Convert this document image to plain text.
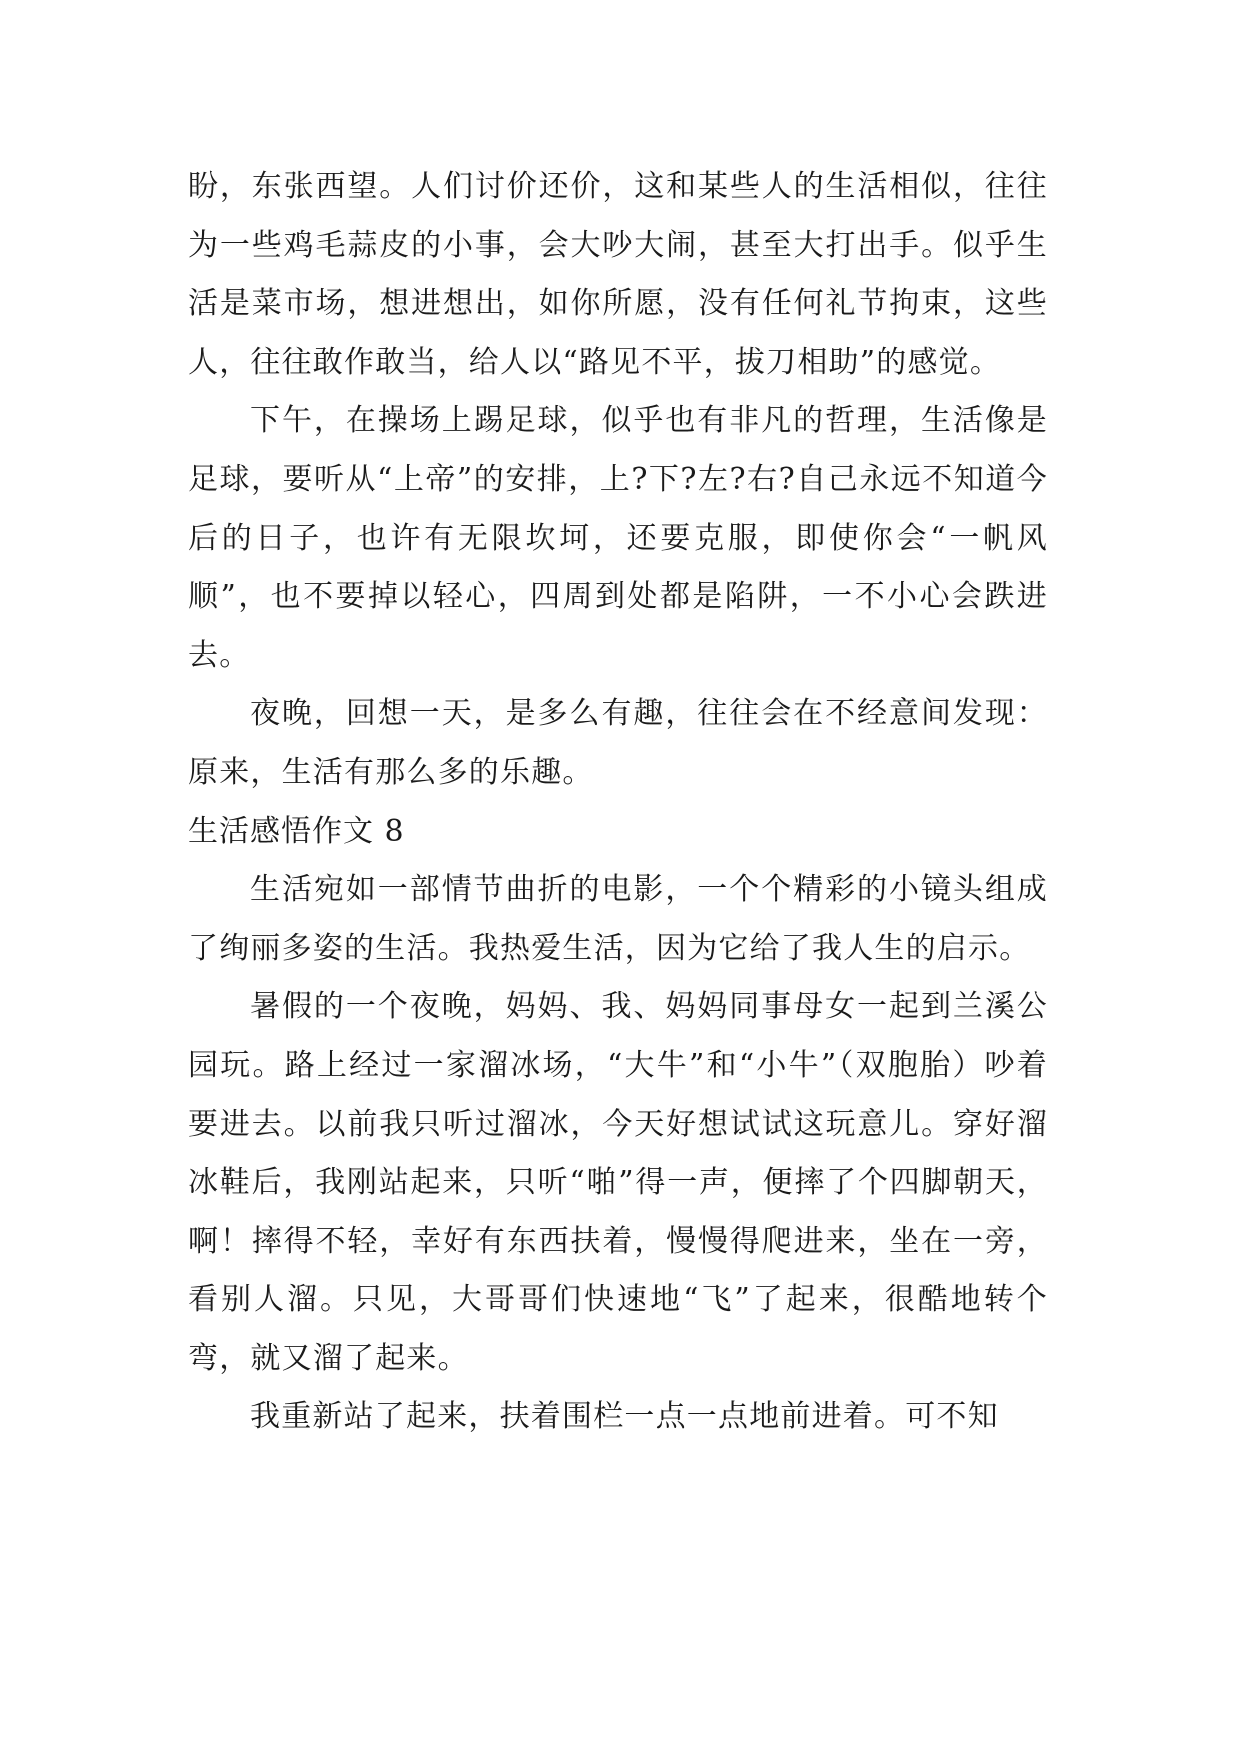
盼，东张西望。人们讨价还价，这和某些人的生活相似，往往为一些鸡毛蒜皮的小事，会大吵大闹，甚至大打出手。似乎生活是菜市场，想进想出，如你所愿，没有任何礼节拘束，这些人，往往敢作敢当，给人以“路见不平，拔刀相助”的感觉。

下午，在操场上踢足球，似乎也有非凡的哲理，生活像是足球，要听从“上帝”的安排，上?下?左?右?自己永远不知道今后的日子，也许有无限坎坷，还要克服，即使你会“一帆风顺”，也不要掉以轻心，四周到处都是陷阱，一不小心会跌进去。

夜晚，回想一天，是多么有趣，往往会在不经意间发现：原来，生活有那么多的乐趣。

生活感悟作文 8

生活宛如一部情节曲折的电影，一个个精彩的小镜头组成了绚丽多姿的生活。我热爱生活，因为它给了我人生的启示。

暑假的一个夜晚，妈妈、我、妈妈同事母女一起到兰溪公园玩。路上经过一家溜冰场，“大牛”和“小牛”（双胞胎）吵着要进去。以前我只听过溜冰，今天好想试试这玩意儿。穿好溜冰鞋后，我刚站起来，只听“啪”得一声，便摔了个四脚朝天，啊！摔得不轻，幸好有东西扶着，慢慢得爬进来，坐在一旁，看别人溜。只见，大哥哥们快速地“飞”了起来，很酷地转个弯，就又溜了起来。

我重新站了起来，扶着围栏一点一点地前进着。可不知
